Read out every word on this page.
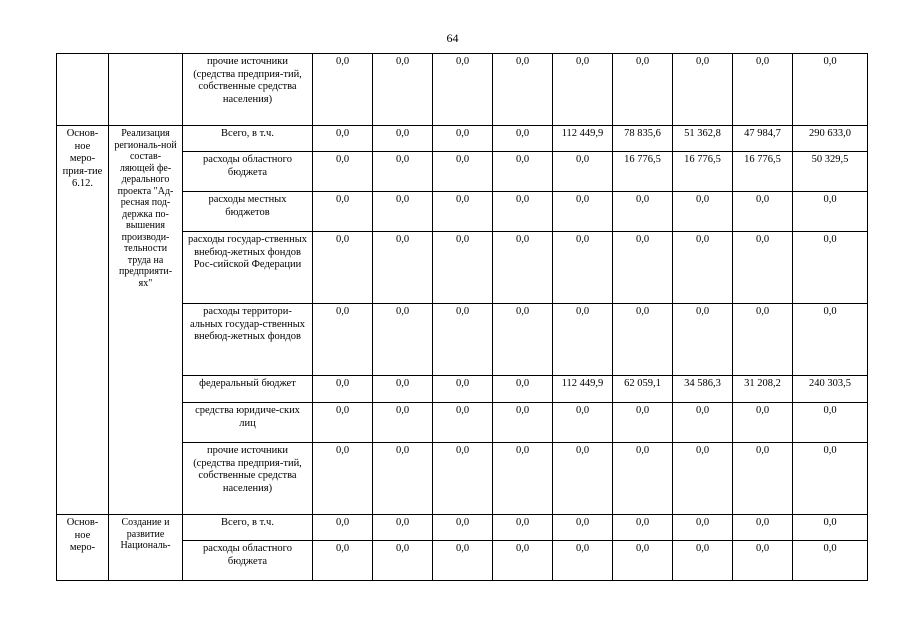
64
		прочие источники (средства предприя-тий, собственные средства населения)	0,0	0,0	0,0	0,0	0,0	0,0	0,0	0,0	0,0
Основ-ное меро-прия-тие 6.12.	Реализация региональ-ной состав-ляющей фе-дерального проекта "Ад-ресная под-держка по-вышения производи-тельности труда на предприяти-ях"	Всего, в т.ч.	0,0	0,0	0,0	0,0	112 449,9	78 835,6	51 362,8	47 984,7	290 633,0
		расходы областного бюджета	0,0	0,0	0,0	0,0	0,0	16 776,5	16 776,5	16 776,5	50 329,5
		расходы местных бюджетов	0,0	0,0	0,0	0,0	0,0	0,0	0,0	0,0	0,0
		расходы государ-ственных внебюд-жетных фондов Рос-сийской Федерации	0,0	0,0	0,0	0,0	0,0	0,0	0,0	0,0	0,0
		расходы территори-альных государ-ственных внебюд-жетных фондов	0,0	0,0	0,0	0,0	0,0	0,0	0,0	0,0	0,0
		федеральный бюджет	0,0	0,0	0,0	0,0	112 449,9	62 059,1	34 586,3	31 208,2	240 303,5
		средства юридиче-ских лиц	0,0	0,0	0,0	0,0	0,0	0,0	0,0	0,0	0,0
		прочие источники (средства предприя-тий, собственные средства населения)	0,0	0,0	0,0	0,0	0,0	0,0	0,0	0,0	0,0
Основ-ное меро-	Создание и развитие Националь-	Всего, в т.ч.	0,0	0,0	0,0	0,0	0,0	0,0	0,0	0,0	0,0
		расходы областного бюджета	0,0	0,0	0,0	0,0	0,0	0,0	0,0	0,0	0,0
